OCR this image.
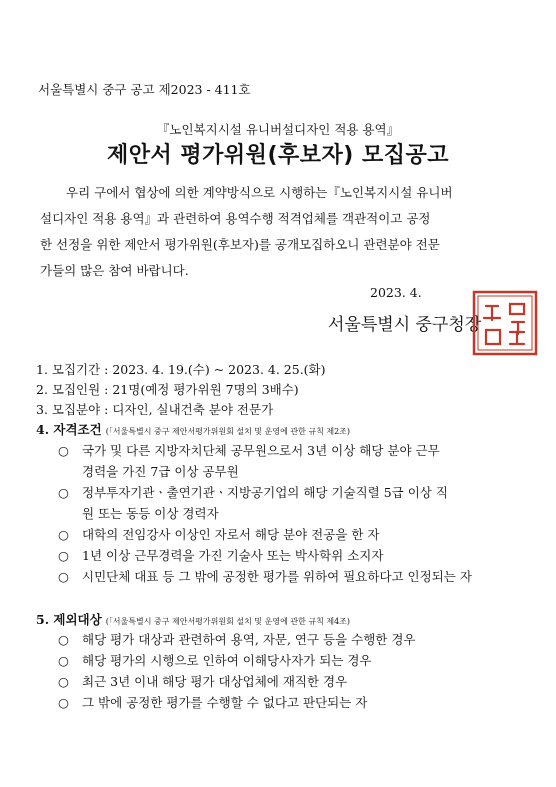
서울특별시 중구 공고 제2023 - 411호
『노인복지시설 유니버설디자인 적용 용역』
제안서 평가위원(후보자) 모집공고
우리 구에서 협상에 의한 계약방식으로 시행하는『노인복지시설 유니버
설디자인 적용 용역』과 관련하여 용역수행 적격업체를 객관적이고 공정
한 선정을 위한 제안서 평가위원(후보자)를 공개모집하오니 관련분야 전문
가들의 많은 참여 바랍니다.
2023. 4.
서울특별시 중구청장
1. 모집기간 : 2023. 4. 19.(수) ~ 2023. 4. 25.(화)
2. 모집인원 : 21명(예정 평가위원 7명의 3배수)
3. 모집분야 : 디자인, 실내건축 분야 전문가
4. 자격조건 (「서울특별시 중구 제안서평가위원회 설치 및 운영에 관한 규칙 제2조)
○ 국가 및 다른 지방자치단체 공무원으로서 3년 이상 해당 분야 근무
경력을 가진 7급 이상 공무원
○ 정부투자기관ㆍ출연기관ㆍ지방공기업의 해당 기술직렬 5급 이상 직
원 또는 동등 이상 경력자
○ 대학의 전임강사 이상인 자로서 해당 분야 전공을 한 자
○ 1년 이상 근무경력을 가진 기술사 또는 박사학위 소지자
○ 시민단체 대표 등 그 밖에 공정한 평가를 위하여 필요하다고 인정되는 자
5. 제외대상 (「서울특별시 중구 제안서평가위원회 설치 및 운영에 관한 규칙 제4조)
○ 해당 평가 대상과 관련하여 용역, 자문, 연구 등을 수행한 경우
○ 해당 평가의 시행으로 인하여 이해당사자가 되는 경우
○ 최근 3년 이내 해당 평가 대상업체에 재직한 경우
○ 그 밖에 공정한 평가를 수행할 수 없다고 판단되는 자
